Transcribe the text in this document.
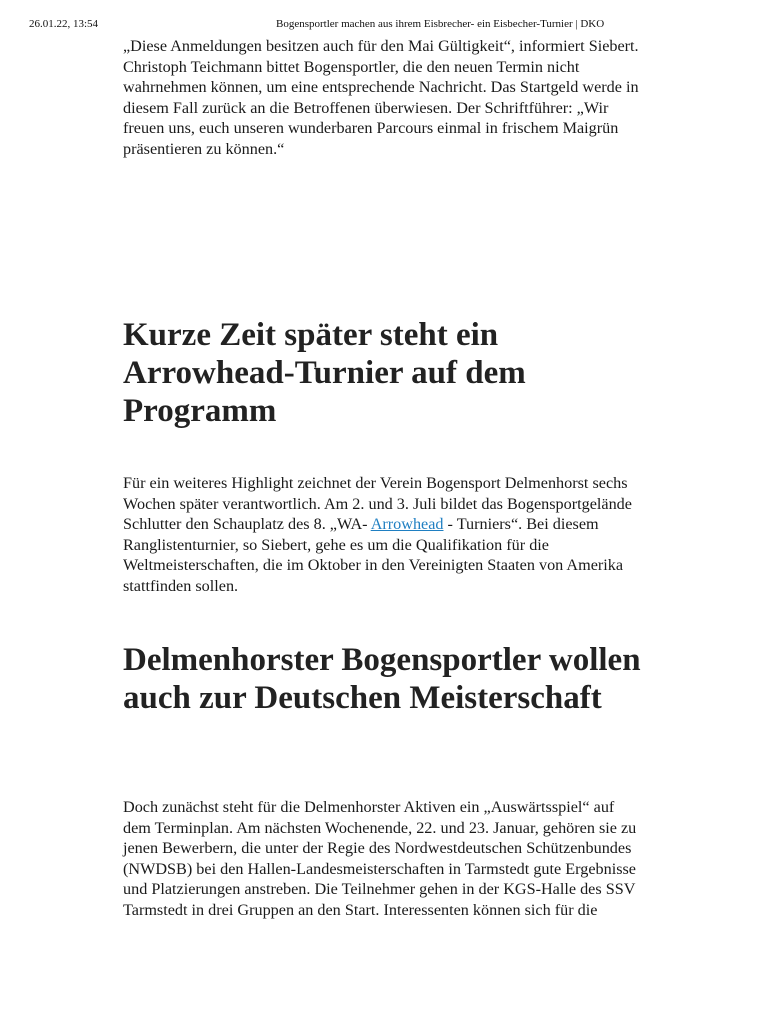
26.01.22, 13:54	Bogensportler machen aus ihrem Eisbrecher- ein Eisbecher-Turnier | DKO

„Diese Anmeldungen besitzen auch für den Mai Gültigkeit“, informiert Siebert. Christoph Teichmann bittet Bogensportler, die den neuen Termin nicht wahrnehmen können, um eine entsprechende Nachricht. Das Startgeld werde in diesem Fall zurück an die Betroffenen überwiesen. Der Schriftführer: „Wir freuen uns, euch unseren wunderbaren Parcours einmal in frischem Maigrün präsentieren zu können.“

Kurze Zeit später steht ein Arrowhead-Turnier auf dem Programm

Für ein weiteres Highlight zeichnet der Verein Bogensport Delmenhorst sechs Wochen später verantwortlich. Am 2. und 3. Juli bildet das Bogensportgelände Schlutter den Schauplatz des 8. „WA- Arrowhead - Turniers“. Bei diesem Ranglistenturnier, so Siebert, gehe es um die Qualifikation für die Weltmeisterschaften, die im Oktober in den Vereinigten Staaten von Amerika stattfinden sollen.

Delmenhorster Bogensportler wollen auch zur Deutschen Meisterschaft

Doch zunächst steht für die Delmenhorster Aktiven ein „Auswärtsspiel“ auf dem Terminplan. Am nächsten Wochenende, 22. und 23. Januar, gehören sie zu jenen Bewerbern, die unter der Regie des Nordwestdeutschen Schützenbundes (NWDSB) bei den Hallen-Landesmeisterschaften in Tarmstedt gute Ergebnisse und Platzierungen anstreben. Die Teilnehmer gehen in der KGS-Halle des SSV Tarmstedt in drei Gruppen an den Start. Interessenten können sich für die
